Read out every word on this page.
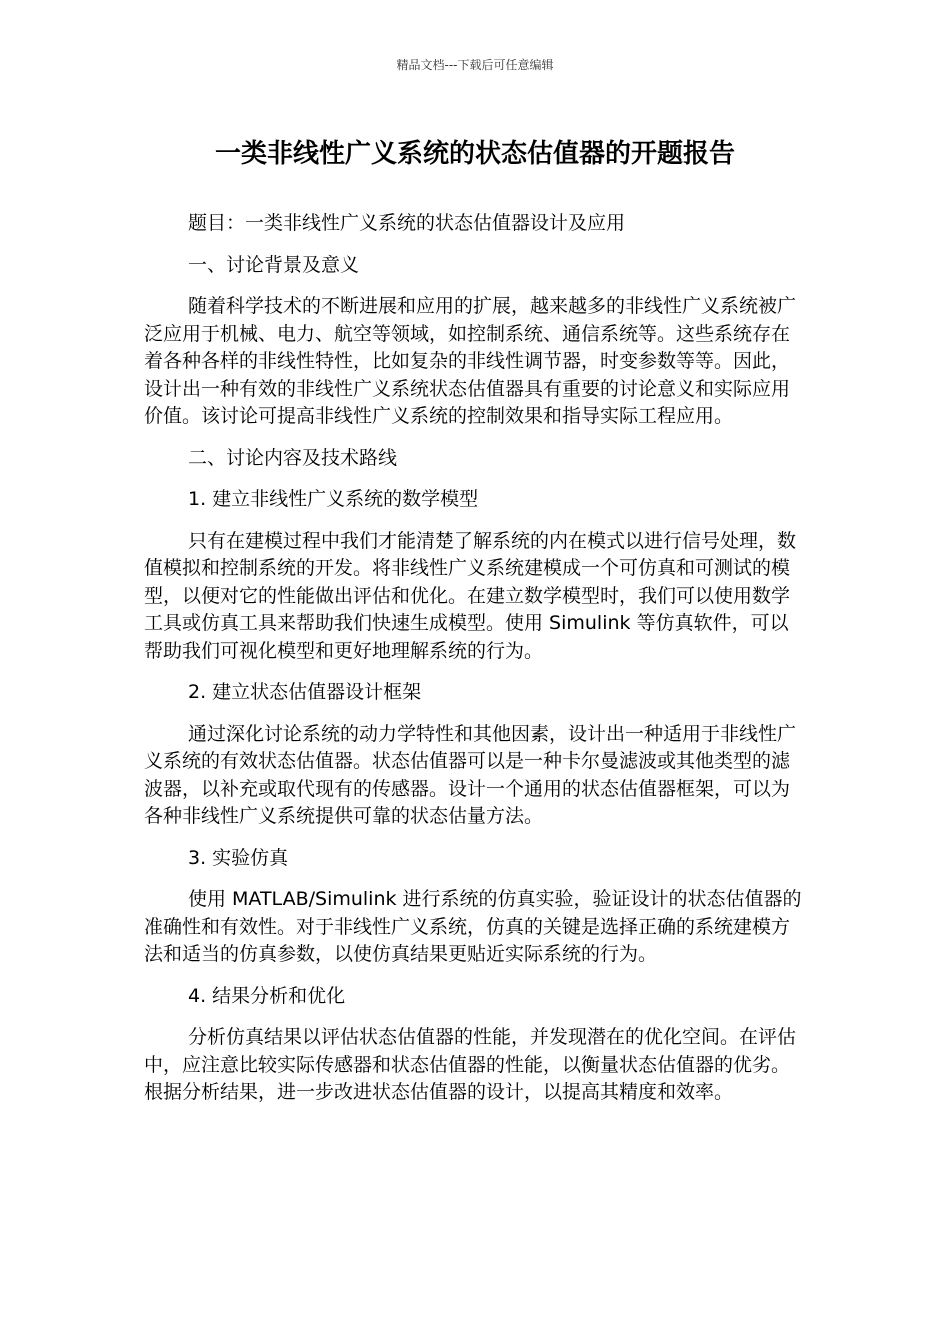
精品文档---下载后可任意编辑
一类非线性广义系统的状态估值器的开题报告

题目：一类非线性广义系统的状态估值器设计及应用

一、讨论背景及意义

随着科学技术的不断进展和应用的扩展，越来越多的非线性广义系统被广泛应用于机械、电力、航空等领域，如控制系统、通信系统等。这些系统存在着各种各样的非线性特性，比如复杂的非线性调节器，时变参数等等。因此，设计出一种有效的非线性广义系统状态估值器具有重要的讨论意义和实际应用价值。该讨论可提高非线性广义系统的控制效果和指导实际工程应用。

二、讨论内容及技术路线

1. 建立非线性广义系统的数学模型

只有在建模过程中我们才能清楚了解系统的内在模式以进行信号处理，数值模拟和控制系统的开发。将非线性广义系统建模成一个可仿真和可测试的模型，以便对它的性能做出评估和优化。在建立数学模型时，我们可以使用数学工具或仿真工具来帮助我们快速生成模型。使用 Simulink 等仿真软件，可以帮助我们可视化模型和更好地理解系统的行为。

2. 建立状态估值器设计框架

通过深化讨论系统的动力学特性和其他因素，设计出一种适用于非线性广义系统的有效状态估值器。状态估值器可以是一种卡尔曼滤波或其他类型的滤波器，以补充或取代现有的传感器。设计一个通用的状态估值器框架，可以为各种非线性广义系统提供可靠的状态估量方法。

3. 实验仿真

使用 MATLAB/Simulink 进行系统的仿真实验，验证设计的状态估值器的准确性和有效性。对于非线性广义系统，仿真的关键是选择正确的系统建模方法和适当的仿真参数，以使仿真结果更贴近实际系统的行为。

4. 结果分析和优化

分析仿真结果以评估状态估值器的性能，并发现潜在的优化空间。在评估中，应注意比较实际传感器和状态估值器的性能，以衡量状态估值器的优劣。根据分析结果，进一步改进状态估值器的设计，以提高其精度和效率。
